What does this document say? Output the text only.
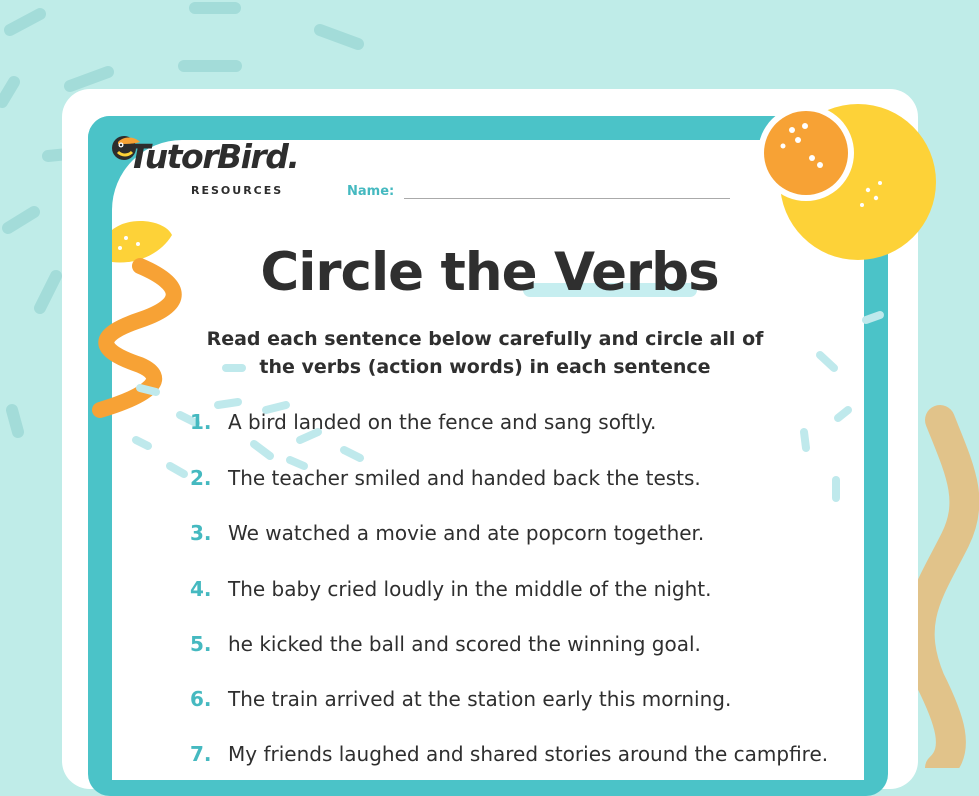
TutorBird.
RESOURCES	Name:
Circle the Verbs
Read each sentence below carefully and circle all of the verbs (action words) in each sentence
1. A bird landed on the fence and sang softly.
2. The teacher smiled and handed back the tests.
3. We watched a movie and ate popcorn together.
4. The baby cried loudly in the middle of the night.
5. he kicked the ball and scored the winning goal.
6. The train arrived at the station early this morning.
7. My friends laughed and shared stories around the campfire.
